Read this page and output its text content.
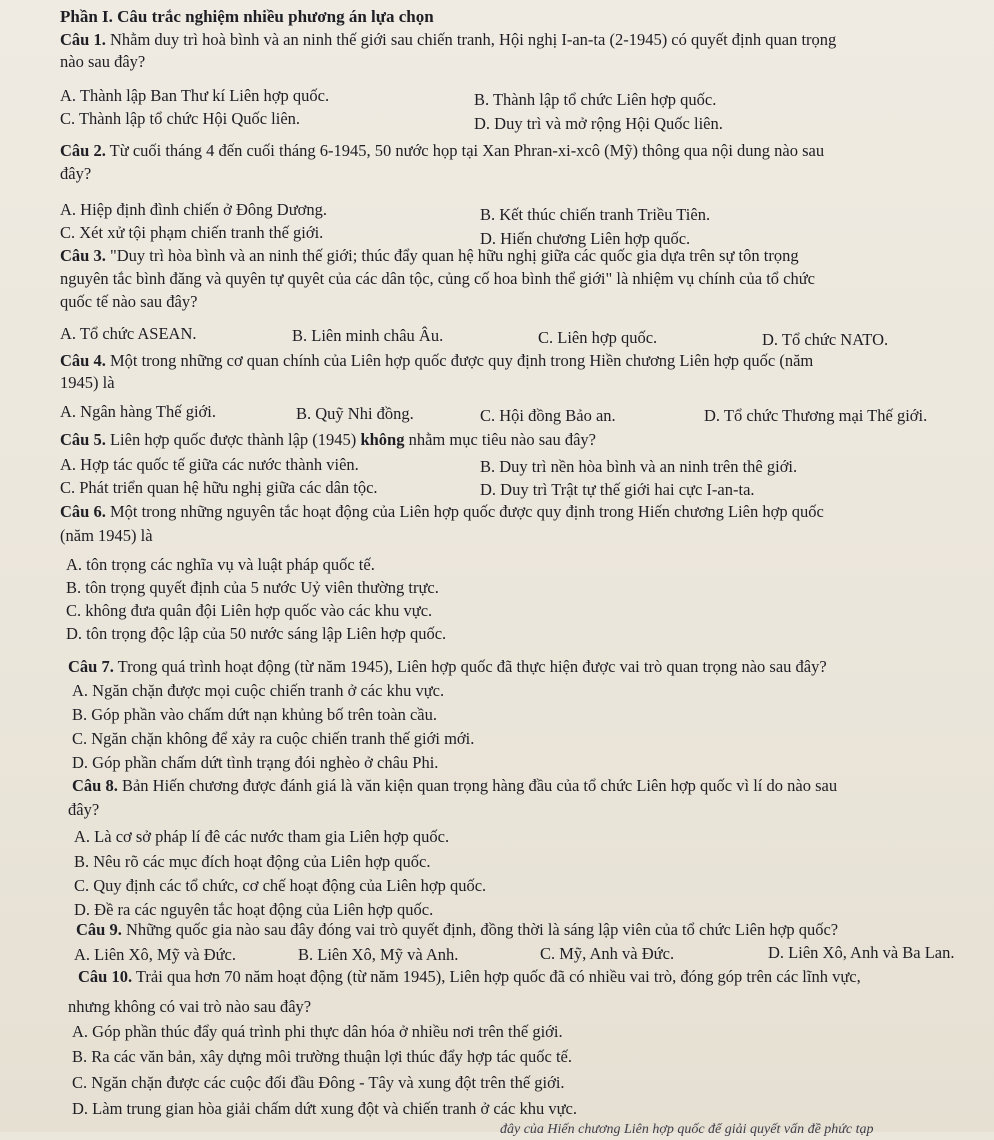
Phần I. Câu trắc nghiệm nhiều phương án lựa chọn
Câu 1. Nhằm duy trì hoà bình và an ninh thế giới sau chiến tranh, Hội nghị I-an-ta (2-1945) có quyết định quan trọng
nào sau đây?
A. Thành lập Ban Thư kí Liên hợp quốc.	B. Thành lập tổ chức Liên hợp quốc.
C. Thành lập tổ chức Hội Quốc liên.	D. Duy trì và mở rộng Hội Quốc liên.
Câu 2. Từ cuối tháng 4 đến cuối tháng 6-1945, 50 nước họp tại Xan Phran-xi-xcô (Mỹ) thông qua nội dung nào sau
đây?
A. Hiệp định đình chiến ở Đông Dương.	B. Kết thúc chiến tranh Triều Tiên.
C. Xét xử tội phạm chiến tranh thế giới.	D. Hiến chương Liên hợp quốc.
Câu 3. "Duy trì hòa bình và an ninh thế giới; thúc đẩy quan hệ hữu nghị giữa các quốc gia dựa trên sự tôn trọng
nguyên tắc bình đăng và quyên tự quyêt của các dân tộc, củng cố hoa bình thể giới" là nhiệm vụ chính của tổ chức
quốc tế nào sau đây?
A. Tổ chức ASEAN.	B. Liên minh châu Âu.	C. Liên hợp quốc.	D. Tổ chức NATO.
Câu 4. Một trong những cơ quan chính của Liên hợp quốc được quy định trong Hiền chương Liên hợp quốc (năm
1945) là
A. Ngân hàng Thế giới.	B. Quỹ Nhi đồng.	C. Hội đồng Bảo an.	D. Tổ chức Thương mại Thế giới.
Câu 5. Liên hợp quốc được thành lập (1945) không nhằm mục tiêu nào sau đây?
A. Hợp tác quốc tế giữa các nước thành viên.	B. Duy trì nền hòa bình và an ninh trên thê giới.
C. Phát triển quan hệ hữu nghị giữa các dân tộc.	D. Duy trì Trật tự thế giới hai cực I-an-ta.
Câu 6. Một trong những nguyên tắc hoạt động của Liên hợp quốc được quy định trong Hiến chương Liên hợp quốc
(năm 1945) là
A. tôn trọng các nghĩa vụ và luật pháp quốc tế.
B. tôn trọng quyết định của 5 nước Uỷ viên thường trực.
C. không đưa quân đội Liên hợp quốc vào các khu vực.
D. tôn trọng độc lập của 50 nước sáng lập Liên hợp quốc.
Câu 7. Trong quá trình hoạt động (từ năm 1945), Liên hợp quốc đã thực hiện được vai trò quan trọng nào sau đây?
A. Ngăn chặn được mọi cuộc chiến tranh ở các khu vực.
B. Góp phần vào chấm dứt nạn khủng bố trên toàn cầu.
C. Ngăn chặn không để xảy ra cuộc chiến tranh thế giới mới.
D. Góp phần chấm dứt tình trạng đói nghèo ở châu Phi.
Câu 8. Bản Hiến chương được đánh giá là văn kiện quan trọng hàng đầu của tổ chức Liên hợp quốc vì lí do nào sau
đây?
A. Là cơ sở pháp lí đê các nước tham gia Liên hợp quốc.
B. Nêu rõ các mục đích hoạt động của Liên hợp quốc.
C. Quy định các tổ chức, cơ chế hoạt động của Liên hợp quốc.
D. Đề ra các nguyên tắc hoạt động của Liên hợp quốc.
Câu 9. Những quốc gia nào sau đây đóng vai trò quyết định, đồng thời là sáng lập viên của tổ chức Liên hợp quốc?
A. Liên Xô, Mỹ và Đức.	B. Liên Xô, Mỹ và Anh.	C. Mỹ, Anh và Đức.	D. Liên Xô, Anh và Ba Lan.
Câu 10. Trải qua hơn 70 năm hoạt động (từ năm 1945), Liên hợp quốc đã có nhiều vai trò, đóng góp trên các lĩnh vực,
nhưng không có vai trò nào sau đây?
A. Góp phần thúc đẩy quá trình phi thực dân hóa ở nhiều nơi trên thế giới.
B. Ra các văn bản, xây dựng môi trường thuận lợi thúc đẩy hợp tác quốc tế.
C. Ngăn chặn được các cuộc đối đầu Đông - Tây và xung đột trên thế giới.
D. Làm trung gian hòa giải chấm dứt xung đột và chiến tranh ở các khu vực.
đây của Hiến chương Liên hợp quốc để giải quyết vấn đề phức tạp
